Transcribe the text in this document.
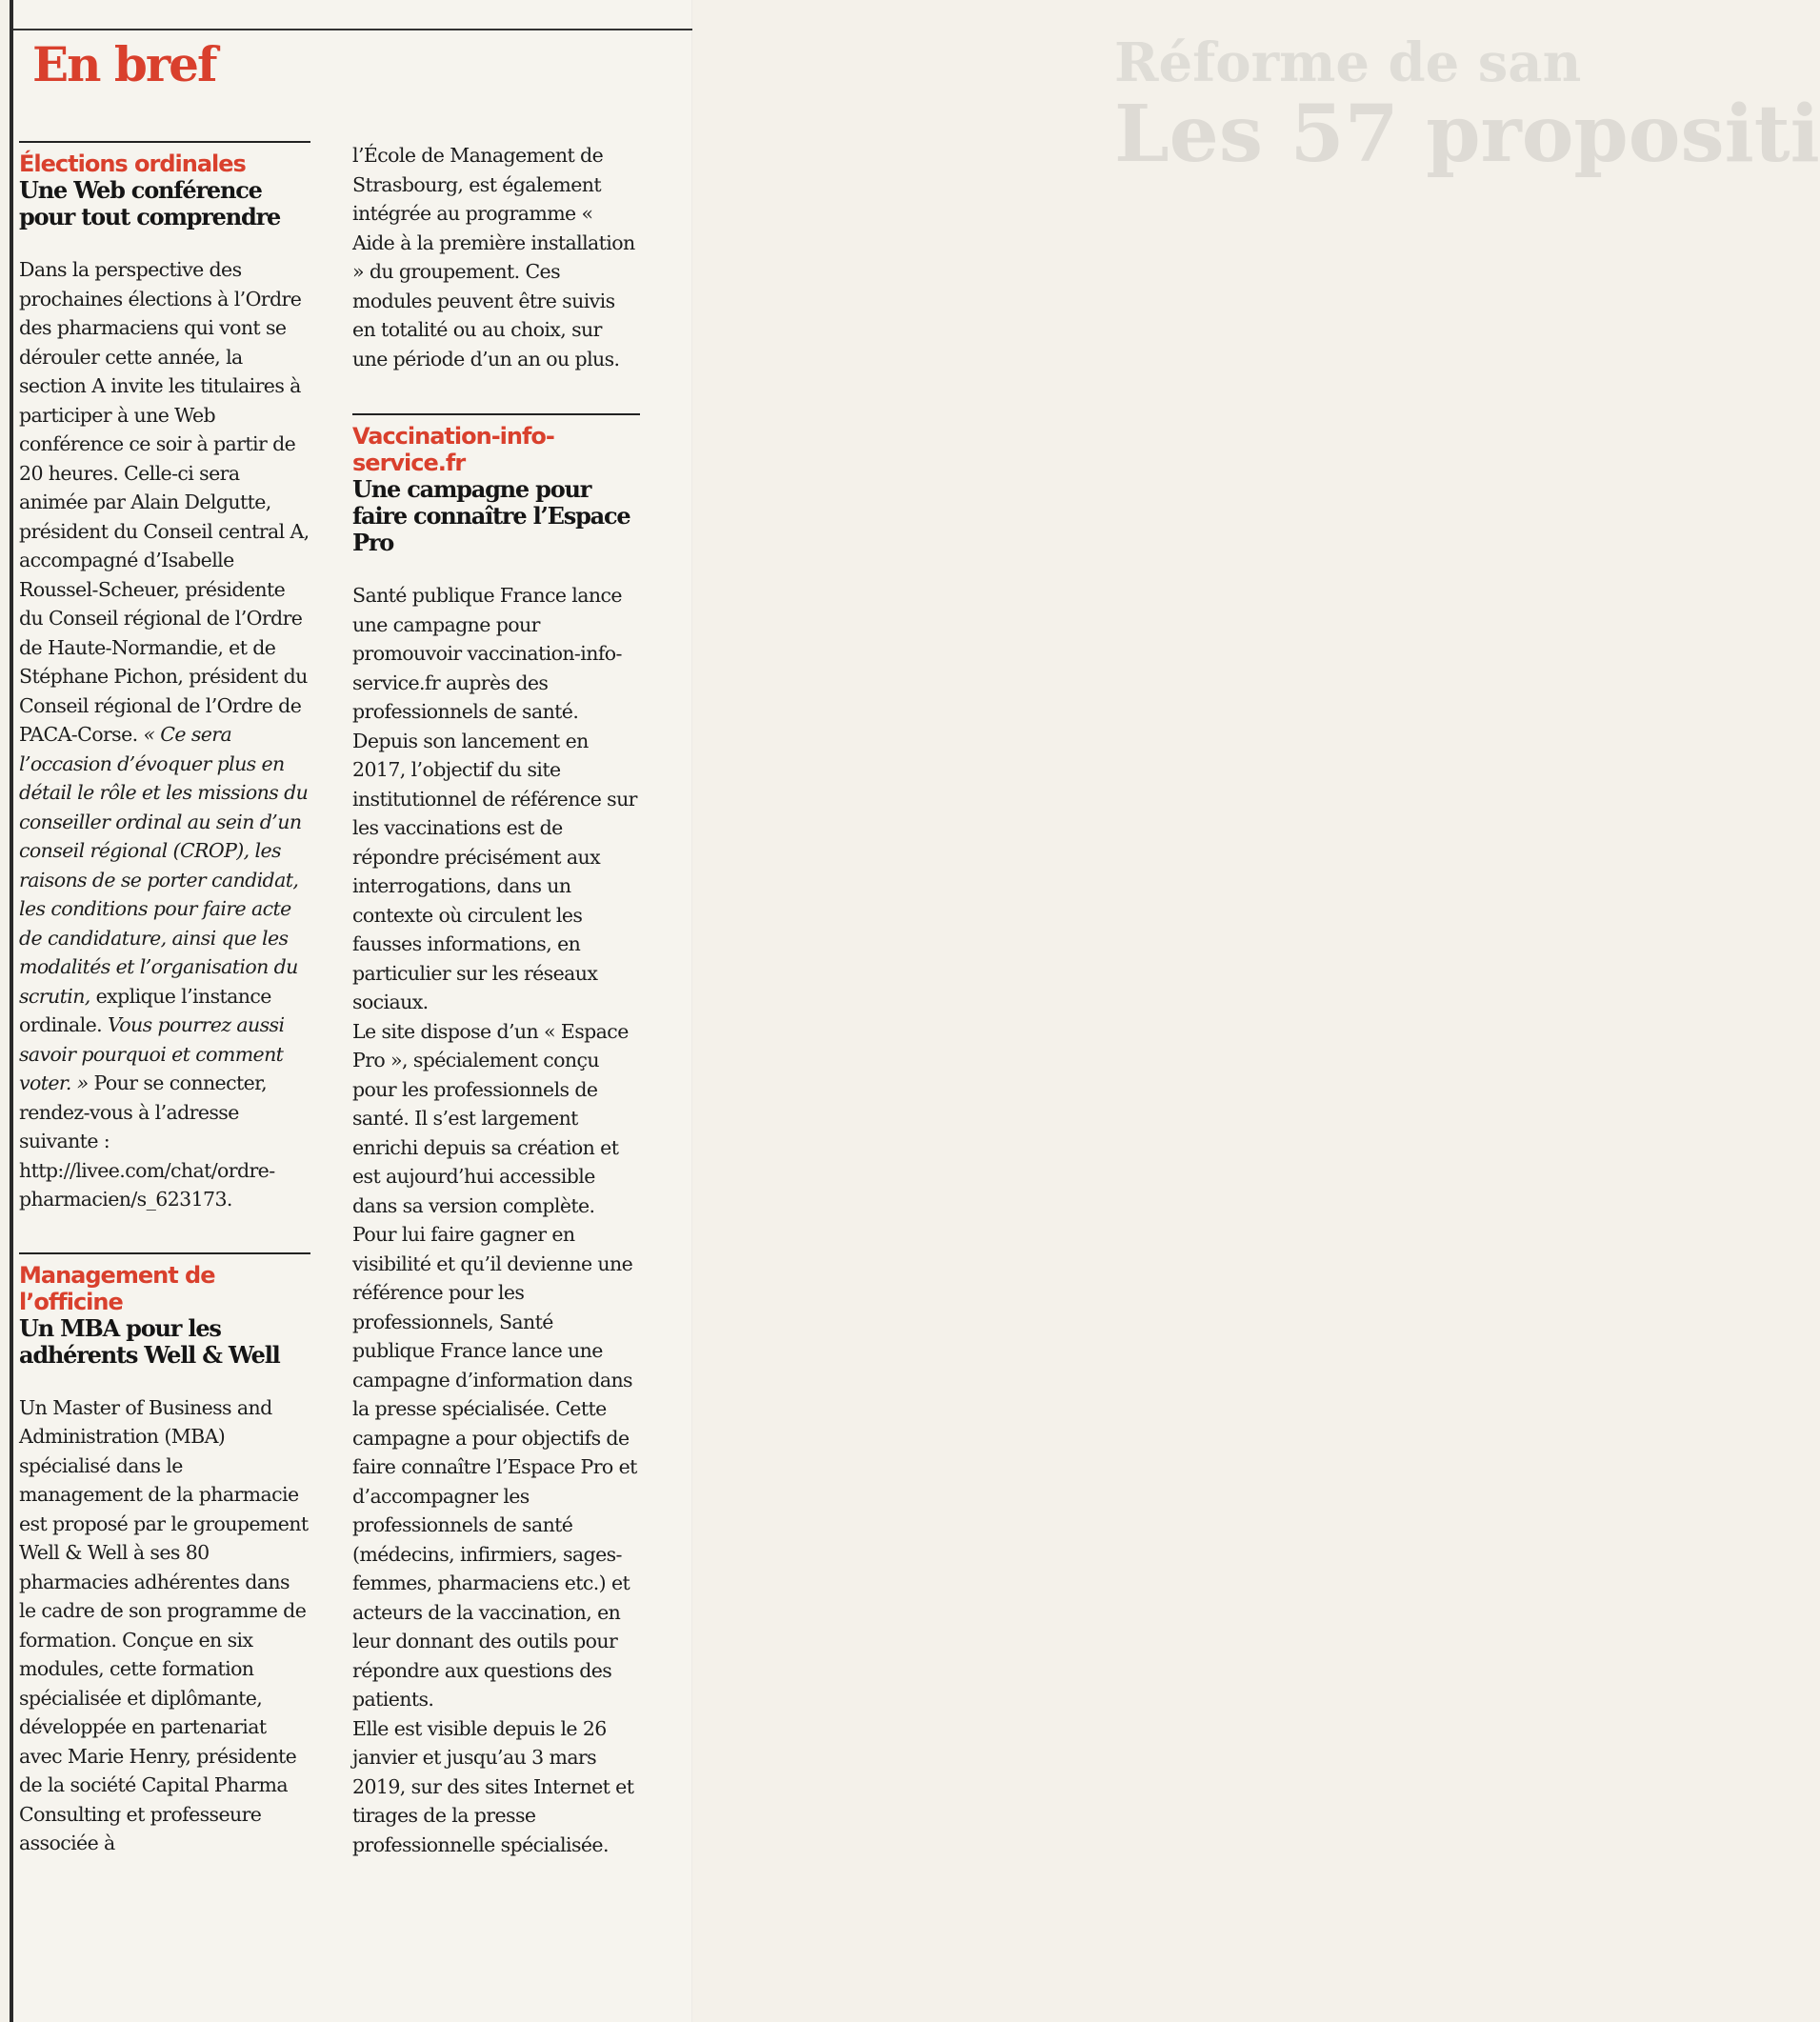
Réforme de san
Les 57 propositi
En bref
Élections ordinales
Une Web conférence pour tout comprendre

Dans la perspective des prochaines élections à l’Ordre des pharmaciens qui vont se dérouler cette année, la section A invite les titulaires à participer à une Web conférence ce soir à partir de 20 heures. Celle-ci sera animée par Alain Delgutte, président du Conseil central A, accompagné d’Isabelle Roussel-Scheuer, présidente du Conseil régional de l’Ordre de Haute-Normandie, et de Stéphane Pichon, président du Conseil régional de l’Ordre de PACA-Corse. « Ce sera l’occasion d’évoquer plus en détail le rôle et les missions du conseiller ordinal au sein d’un conseil régional (CROP), les raisons de se porter candidat, les conditions pour faire acte de candidature, ainsi que les modalités et l’organisation du scrutin, explique l’instance ordinale. Vous pourrez aussi savoir pourquoi et comment voter. » Pour se connecter, rendez-vous à l’adresse suivante : http://livee.com/chat/ordre-pharmacien/s_623173.

Management de l’officine
Un MBA pour les adhérents Well & Well

Un Master of Business and Administration (MBA) spécialisé dans le management de la pharmacie est proposé par le groupement Well & Well à ses 80 pharmacies adhérentes dans le cadre de son programme de formation. Conçue en six modules, cette formation spécialisée et diplômante, développée en partenariat avec Marie Henry, présidente de la société Capital Pharma Consulting et professeure associée à

l’École de Management de Strasbourg, est également intégrée au programme « Aide à la première installation » du groupement. Ces modules peuvent être suivis en totalité ou au choix, sur une période d’un an ou plus.

Vaccination-info-service.fr
Une campagne pour faire connaître l’Espace Pro

Santé publique France lance une campagne pour promouvoir vaccination-info-service.fr auprès des professionnels de santé. Depuis son lancement en 2017, l’objectif du site institutionnel de référence sur les vaccinations est de répondre précisément aux interrogations, dans un contexte où circulent les fausses informations, en particulier sur les réseaux sociaux.

Le site dispose d’un « Espace Pro », spécialement conçu pour les professionnels de santé. Il s’est largement enrichi depuis sa création et est aujourd’hui accessible dans sa version complète. Pour lui faire gagner en visibilité et qu’il devienne une référence pour les professionnels, Santé publique France lance une campagne d’information dans la presse spécialisée. Cette campagne a pour objectifs de faire connaître l’Espace Pro et d’accompagner les professionnels de santé (médecins, infirmiers, sages-femmes, pharmaciens etc.) et acteurs de la vaccination, en leur donnant des outils pour répondre aux questions des patients.

Elle est visible depuis le 26 janvier et jusqu’au 3 mars 2019, sur des sites Internet et tirages de la presse professionnelle spécialisée.
